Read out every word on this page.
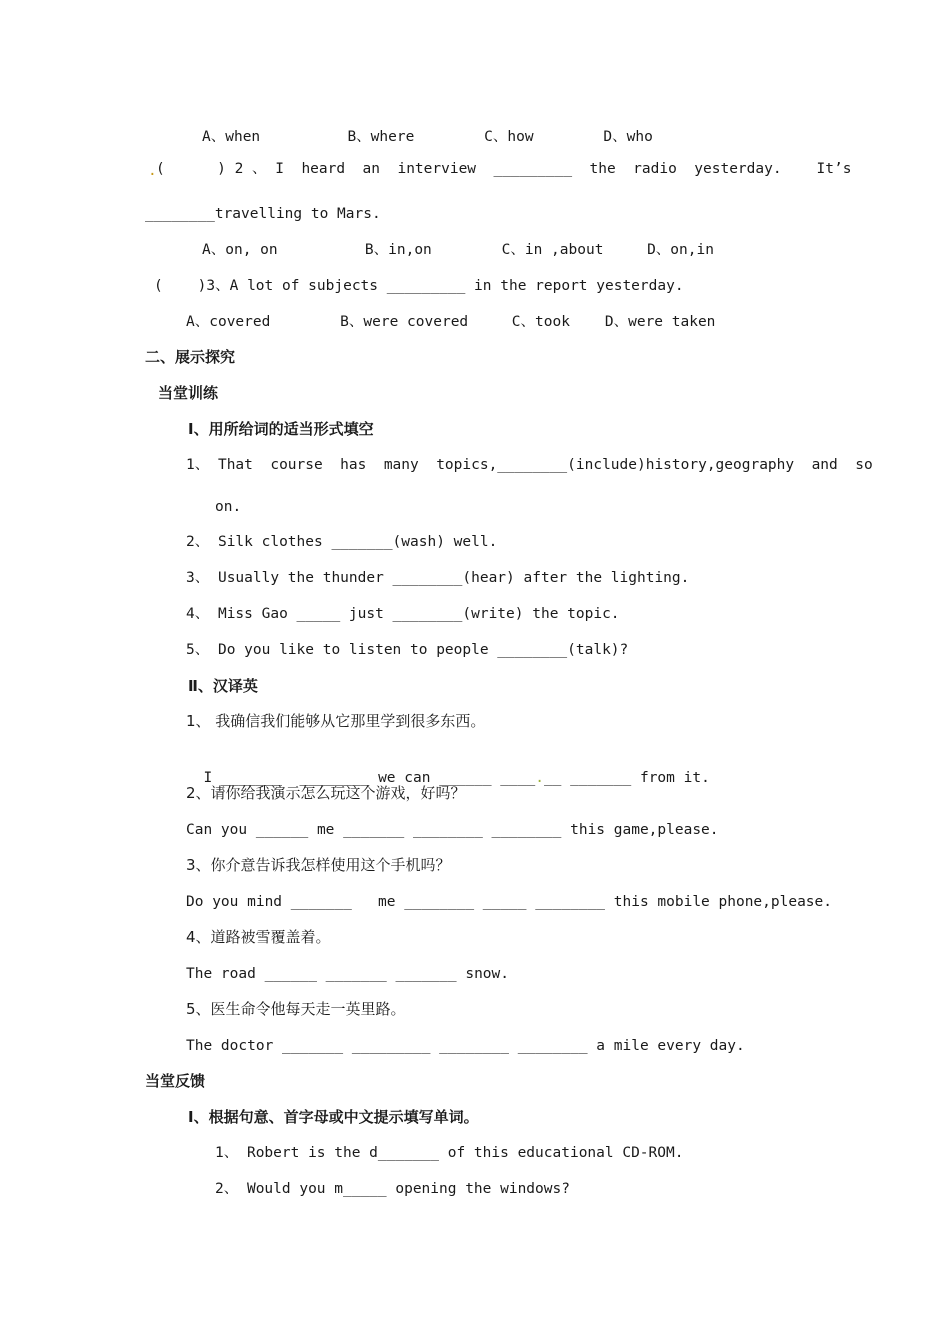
A、when          B、where        C、how        D、who
. (      ) 2 、 I  heard  an  interview  _________  the  radio  yesterday.    It’s
________travelling to Mars.
A、on, on          B、in,on        C、in ,about     D、on,in
(    )3、A lot of subjects _________ in the report yesterday.
A、covered        B、were covered     C、took    D、were taken
二、展示探究
当堂训练
Ⅰ、用所给词的适当形式填空
1、 That  course  has  many  topics,________(include)history,geography  and  so
on.
2、 Silk clothes _______(wash) well.
3、 Usually the thunder ________(hear) after the lighting.
4、 Miss Gao _____ just ________(write) the topic.
5、 Do you like to listen to people ________(talk)?
Ⅱ、汉译英
1、 我确信我们能够从它那里学到很多东西。

I _______  ________ we can ______ ____.__ _______ from it.

2、请你给我演示怎么玩这个游戏，好吗？
Can you ______ me _______ ________ ________ this game,please.
3、你介意告诉我怎样使用这个手机吗？
Do you mind _______   me ________ _____ ________ this mobile phone,please.
4、道路被雪覆盖着。
The road ______ _______ _______ snow.
5、医生命令他每天走一英里路。
The doctor _______ _________ ________ ________ a mile every day.
当堂反馈
Ⅰ、根据句意、首字母或中文提示填写单词。
1、 Robert is the d_______ of this educational CD-ROM.
2、 Would you m_____ opening the windows?
